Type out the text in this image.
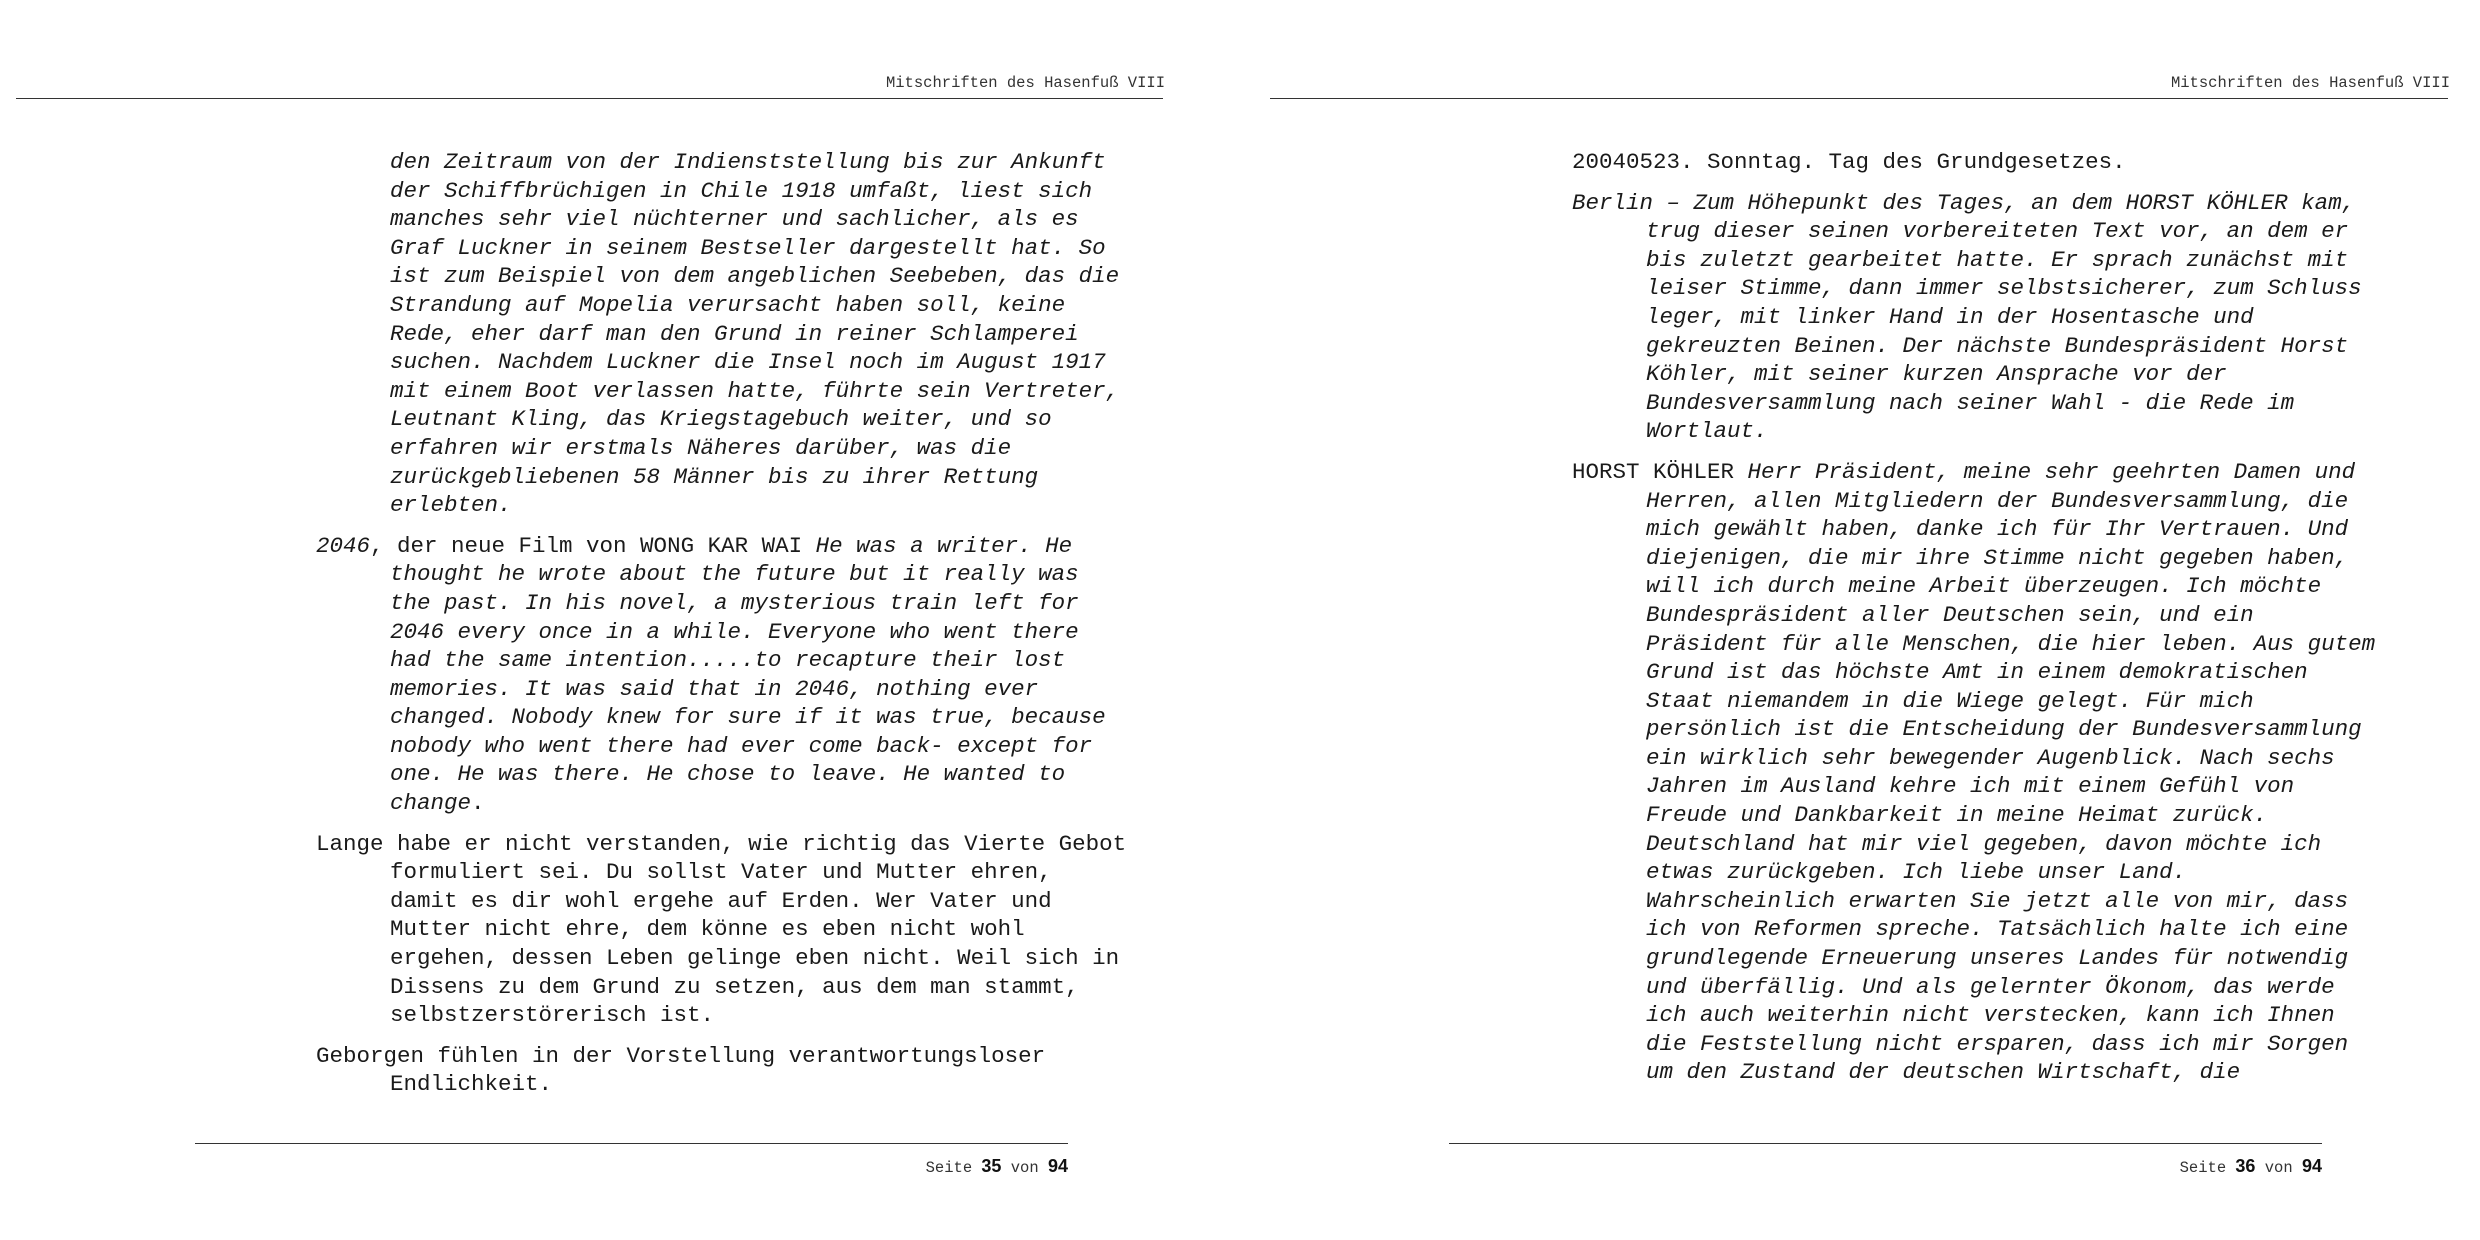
Mitschriften des Hasenfuß VIII

den Zeitraum von der Indienststellung bis zur Ankunft
der Schiffbrüchigen in Chile 1918 umfaßt, liest sich
manches sehr viel nüchterner und sachlicher, als es
Graf Luckner in seinem Bestseller dargestellt hat. So
ist zum Beispiel von dem angeblichen Seebeben, das die
Strandung auf Mopelia verursacht haben soll, keine
Rede, eher darf man den Grund in reiner Schlamperei
suchen. Nachdem Luckner die Insel noch im August 1917
mit einem Boot verlassen hatte, führte sein Vertreter,
Leutnant Kling, das Kriegstagebuch weiter, und so
erfahren wir erstmals Näheres darüber, was die
zurückgebliebenen 58 Männer bis zu ihrer Rettung
erlebten.

2046, der neue Film von WONG KAR WAI He was a writer. He
thought he wrote about the future but it really was
the past. In his novel, a mysterious train left for
2046 every once in a while. Everyone who went there
had the same intention.....to recapture their lost
memories. It was said that in 2046, nothing ever
changed. Nobody knew for sure if it was true, because
nobody who went there had ever come back- except for
one. He was there. He chose to leave. He wanted to
change.

Lange habe er nicht verstanden, wie richtig das Vierte Gebot
formuliert sei. Du sollst Vater und Mutter ehren,
damit es dir wohl ergehe auf Erden. Wer Vater und
Mutter nicht ehre, dem könne es eben nicht wohl
ergehen, dessen Leben gelinge eben nicht. Weil sich in
Dissens zu dem Grund zu setzen, aus dem man stammt,
selbstzerstörerisch ist.

Geborgen fühlen in der Vorstellung verantwortungsloser
Endlichkeit.

Seite 35 von 94
Mitschriften des Hasenfuß VIII

20040523. Sonntag. Tag des Grundgesetzes.

Berlin – Zum Höhepunkt des Tages, an dem HORST KÖHLER kam,
trug dieser seinen vorbereiteten Text vor, an dem er
bis zuletzt gearbeitet hatte. Er sprach zunächst mit
leiser Stimme, dann immer selbstsicherer, zum Schluss
leger, mit linker Hand in der Hosentasche und
gekreuzten Beinen. Der nächste Bundespräsident Horst
Köhler, mit seiner kurzen Ansprache vor der
Bundesversammlung nach seiner Wahl - die Rede im
Wortlaut.

HORST KÖHLER Herr Präsident, meine sehr geehrten Damen und
Herren, allen Mitgliedern der Bundesversammlung, die
mich gewählt haben, danke ich für Ihr Vertrauen. Und
diejenigen, die mir ihre Stimme nicht gegeben haben,
will ich durch meine Arbeit überzeugen. Ich möchte
Bundespräsident aller Deutschen sein, und ein
Präsident für alle Menschen, die hier leben. Aus gutem
Grund ist das höchste Amt in einem demokratischen
Staat niemandem in die Wiege gelegt. Für mich
persönlich ist die Entscheidung der Bundesversammlung
ein wirklich sehr bewegender Augenblick. Nach sechs
Jahren im Ausland kehre ich mit einem Gefühl von
Freude und Dankbarkeit in meine Heimat zurück.
Deutschland hat mir viel gegeben, davon möchte ich
etwas zurückgeben. Ich liebe unser Land.
Wahrscheinlich erwarten Sie jetzt alle von mir, dass
ich von Reformen spreche. Tatsächlich halte ich eine
grundlegende Erneuerung unseres Landes für notwendig
und überfällig. Und als gelernter Ökonom, das werde
ich auch weiterhin nicht verstecken, kann ich Ihnen
die Feststellung nicht ersparen, dass ich mir Sorgen
um den Zustand der deutschen Wirtschaft, die

Seite 36 von 94
